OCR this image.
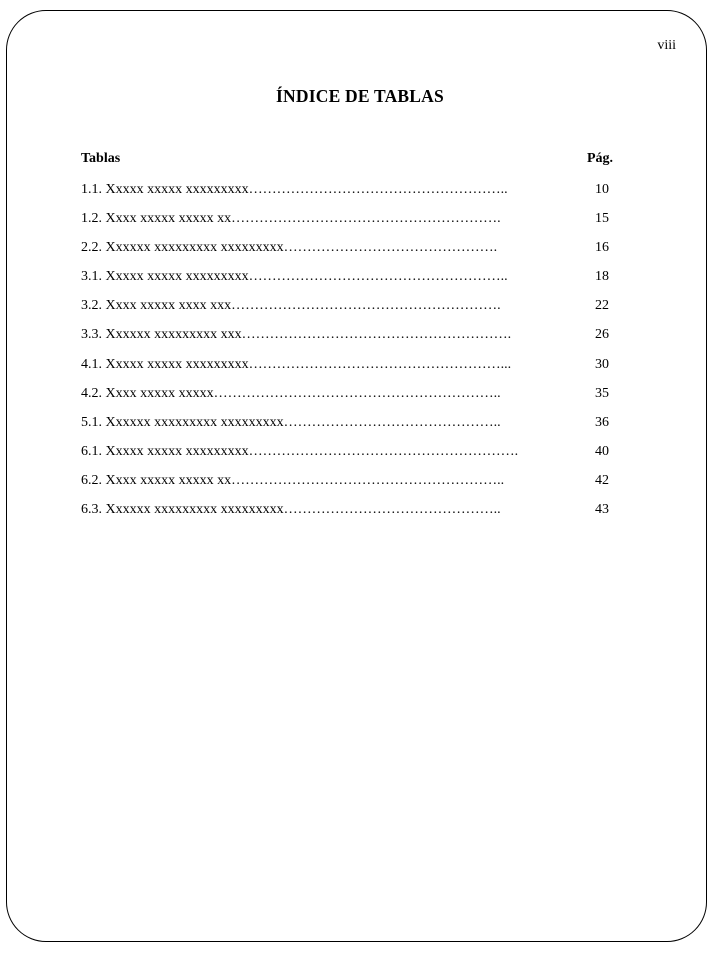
viii
ÍNDICE DE TABLAS
Tablas	Pág.
1.1. Xxxxx xxxxx xxxxxxxxx………………………………………………..	10
1.2. Xxxx xxxxx xxxxx xx………………………………………………….	15
2.2. Xxxxxx xxxxxxxxx xxxxxxxxx……………………………………….	16
3.1. Xxxxx xxxxx xxxxxxxxx………………………………………………..	18
3.2. Xxxx xxxxx xxxx xxx………………………………………………….	22
3.3. Xxxxxx xxxxxxxxx xxx………………………………………………….	26
4.1. Xxxxx xxxxx xxxxxxxxx………………………………………………...	30
4.2. Xxxx xxxxx xxxxx……………………………………………………..	35
5.1. Xxxxxx xxxxxxxxx xxxxxxxxx………………………………………..	36
6.1. Xxxxx xxxxx xxxxxxxxx………………………………………………….	40
6.2. Xxxx xxxxx xxxxx xx…………………………………………………..	42
6.3. Xxxxxx xxxxxxxxx xxxxxxxxx………………………………………..	43
